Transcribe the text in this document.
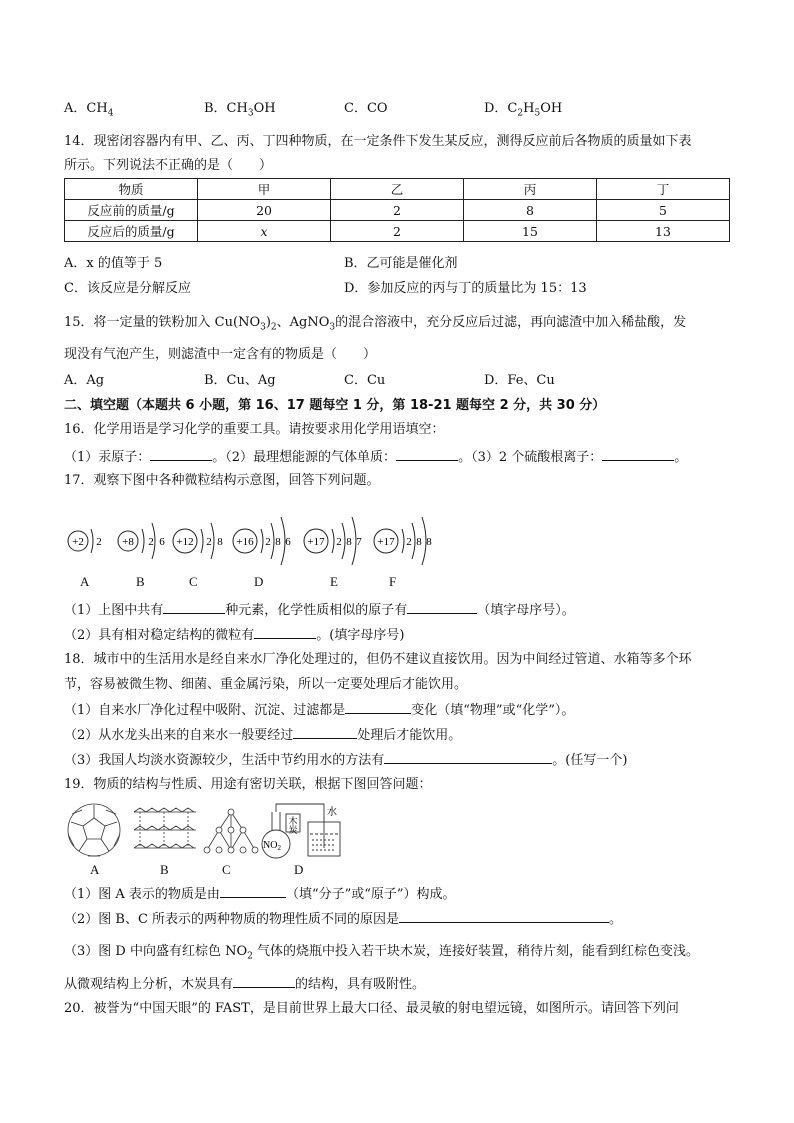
A．$CH_4$	B．$CH_3OH$	C．CO	D．$C_2H_5OH$
14．现密闭容器内有甲、乙、丙、丁四种物质，在一定条件下发生某反应，测得反应前后各物质的质量如下表
所示。下列说法不正确的是（　　）
物质	甲	乙	丙	丁
反应前的质量/g	20	2	8	5
反应后的质量/g	x	2	15	13
A．x 的值等于 5	B．乙可能是催化剂
C．该反应是分解反应	D．参加反应的丙与丁的质量比为 15：13
15．将一定量的铁粉加入 $Cu(NO_3)_2$、AgNO$_3$的混合溶液中，充分反应后过滤，再向滤渣中加入稀盐酸，发
现没有气泡产生，则滤渣中一定含有的物质是（　　）
A．Ag	B．Cu、Ag	C．Cu	D．Fe、Cu
二、填空题（本题共 6 小题，第 16、17 题每空 1 分，第 18-21 题每空 2 分，共 30 分）
16．化学用语是学习化学的重要工具。请按要求用化学用语填空：
（1）汞原子：	。（2）最理想能源的气体单质：	。（3）2 个硫酸根离子：	。
17．观察下图中各种微粒结构示意图，回答下列问题。
+2 2 +8 2 6 +12 2 8 +16 2 8 6 +17 2 8 7 +17 2 8 8
A	B	C	D	E	F
（1）上图中共有	种元素，化学性质相似的原子有	（填字母序号）。
（2）具有相对稳定结构的微粒有	。(填字母序号)
18．城市中的生活用水是经自来水厂净化处理过的，但仍不建议直接饮用。因为中间经过管道、水箱等多个环
节，容易被微生物、细菌、重金属污染，所以一定要处理后才能饮用。
（1）自来水厂净化过程中吸附、沉淀、过滤都是	变化（填“物理”或“化学”）。
（2）从水龙头出来的自来水一般要经过	处理后才能饮用。
（3）我国人均淡水资源较少，生活中节约用水的方法有	。(任写一个)
19．物质的结构与性质、用途有密切关联，根据下图回答问题：
$NO_2$
木
炭
水
A	B	C	D
（1）图 A 表示的物质是由	（填“分子”或“原子”）构成。
（2）图 B、C 所表示的两种物质的物理性质不同的原因是	。
（3）图 D 中向盛有红棕色 $NO_2$ 气体的烧瓶中投入若干块木炭，连接好装置，稍待片刻，能看到红棕色变浅。
从微观结构上分析，木炭具有	的结构，具有吸附性。
20．被誉为“中国天眼”的 FAST，是目前世界上最大口径、最灵敏的射电望远镜，如图所示。请回答下列问
